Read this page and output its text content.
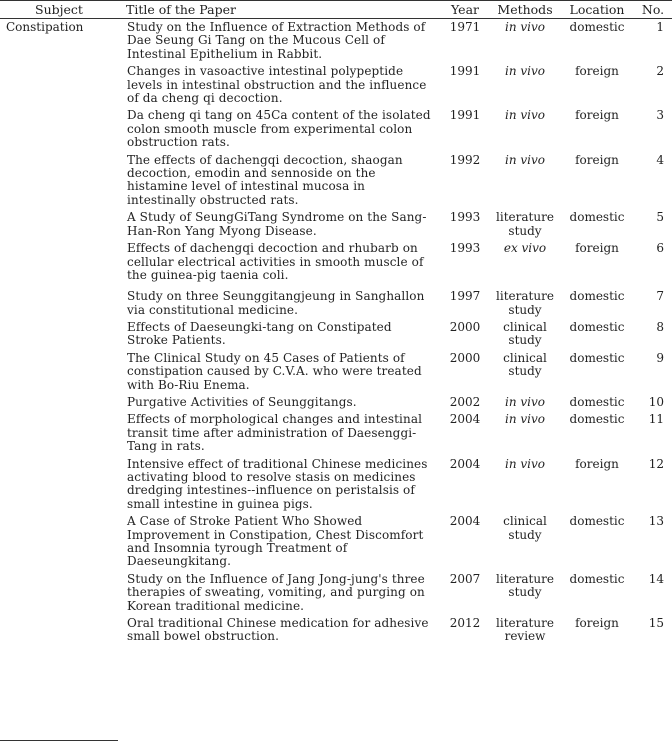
Subject	Title of the Paper	Year	Methods	Location	No.
Constipation	Study on the Influence of Extraction Methods of Dae Seung Gi Tang on the Mucous Cell of Intestinal Epithelium in Rabbit.	1971	in vivo	domestic	1
	Changes in vasoactive intestinal polypeptide levels in intestinal obstruction and the influence of da cheng qi decoction.	1991	in vivo	foreign	2
	Da cheng qi tang on 45Ca content of the isolated colon smooth muscle from experimental colon obstruction rats.	1991	in vivo	foreign	3
	The effects of dachengqi decoction, shaogan decoction, emodin and sennoside on the histamine level of intestinal mucosa in intestinally obstructed rats.	1992	in vivo	foreign	4
	A Study of SeungGiTang Syndrome on the Sang-Han-Ron Yang Myong Disease.	1993	literature study	domestic	5
	Effects of dachengqi decoction and rhubarb on cellular electrical activities in smooth muscle of the guinea-pig taenia coli.	1993	ex vivo	foreign	6
	Study on three Seunggitangjeung in Sanghallon via constitutional medicine.	1997	literature study	domestic	7
	Effects of Daeseungki-tang on Constipated Stroke Patients.	2000	clinical study	domestic	8
	The Clinical Study on 45 Cases of Patients of constipation caused by C.V.A. who were treated with Bo-Riu Enema.	2000	clinical study	domestic	9
	Purgative Activities of Seunggitangs.	2002	in vivo	domestic	10
	Effects of morphological changes and intestinal transit time after administration of Daesenggi-Tang in rats.	2004	in vivo	domestic	11
	Intensive effect of traditional Chinese medicines activating blood to resolve stasis on medicines dredging intestines--influence on peristalsis of small intestine in guinea pigs.	2004	in vivo	foreign	12
	A Case of Stroke Patient Who Showed Improvement in Constipation, Chest Discomfort and Insomnia tyrough Treatment of Daeseungkitang.	2004	clinical study	domestic	13
	Study on the Influence of Jang Jong-jung's three therapies of sweating, vomiting, and purging on Korean traditional medicine.	2007	literature study	domestic	14
	Oral traditional Chinese medication for adhesive small bowel obstruction.	2012	literature review	foreign	15
